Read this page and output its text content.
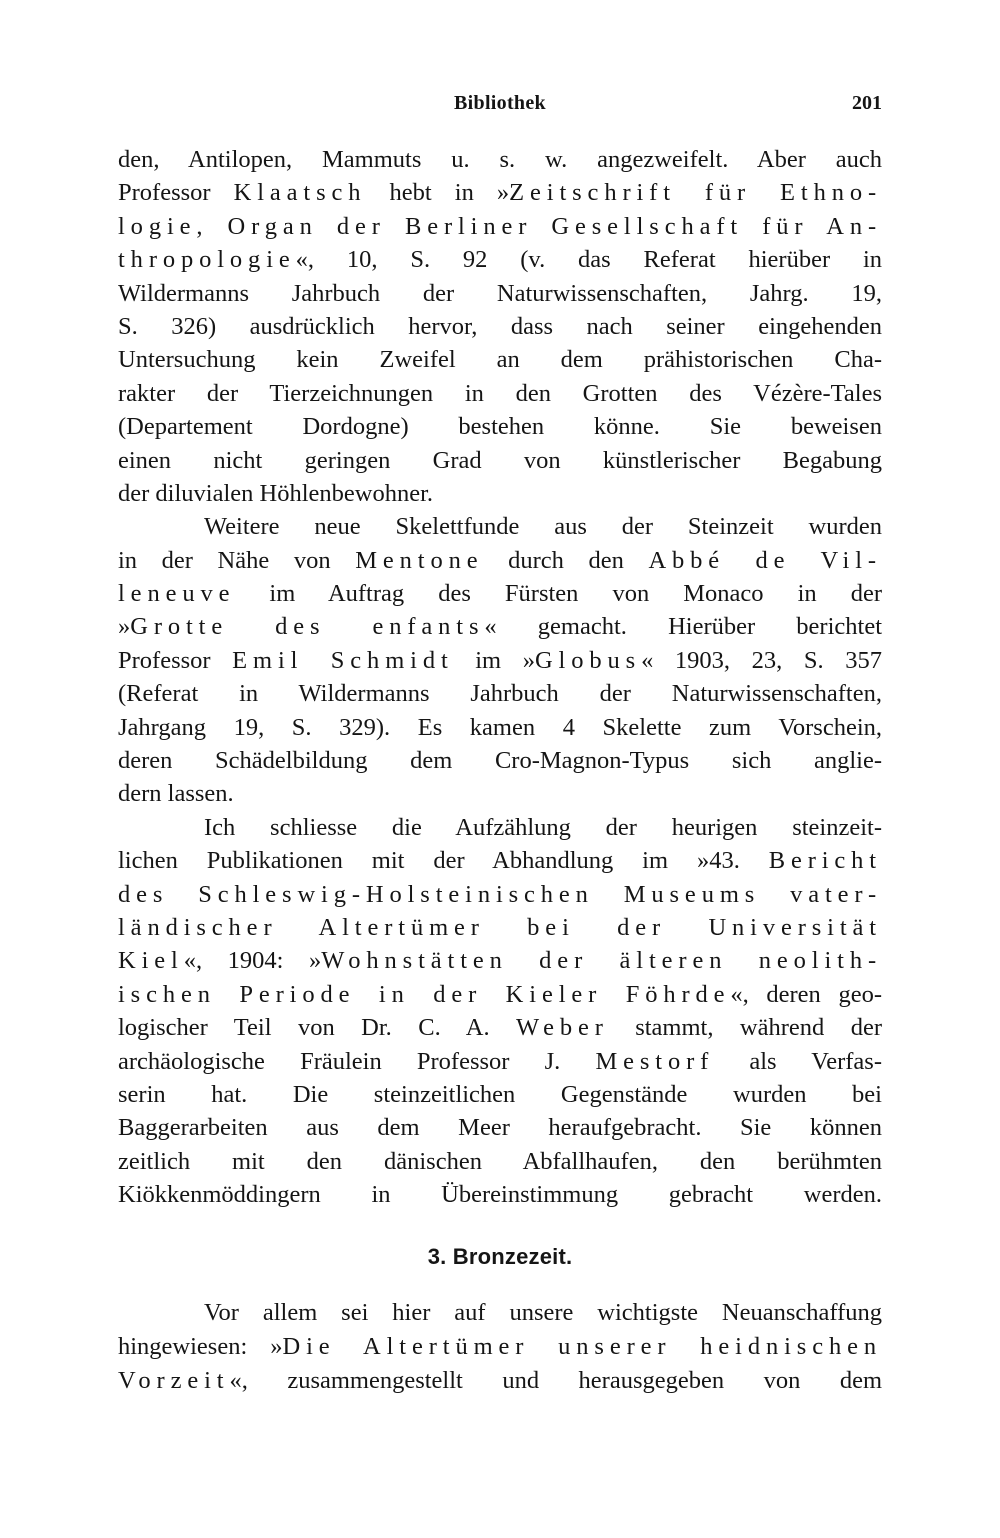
Bibliothek	201
den, Antilopen, Mammuts u. s. w. angezweifelt. Aber auch
Professor Klaatsch hebt in »Zeitschrift für Ethno-
logie, Organ der Berliner Gesellschaft für An-
thropologie«, 10, S. 92 (v. das Referat hierüber in
Wildermanns Jahrbuch der Naturwissenschaften, Jahrg. 19,
S. 326) ausdrücklich hervor, dass nach seiner eingehenden
Untersuchung kein Zweifel an dem prähistorischen Cha-
rakter der Tierzeichnungen in den Grotten des Vézère-Tales
(Departement Dordogne) bestehen könne. Sie beweisen
einen nicht geringen Grad von künstlerischer Begabung
der diluvialen Höhlenbewohner.
Weitere neue Skelettfunde aus der Steinzeit wurden
in der Nähe von Mentone durch den Abbé de Vil-
leneuve im Auftrag des Fürsten von Monaco in der
»Grotte des enfants« gemacht. Hierüber berichtet
Professor Emil Schmidt im »Globus« 1903, 23, S. 357
(Referat in Wildermanns Jahrbuch der Naturwissenschaften,
Jahrgang 19, S. 329). Es kamen 4 Skelette zum Vorschein,
deren Schädelbildung dem Cro-Magnon-Typus sich anglie-
dern lassen.
Ich schliesse die Aufzählung der heurigen steinzeit-
lichen Publikationen mit der Abhandlung im »43. Bericht
des Schleswig-Holsteinischen Museums vater-
ländischer Altertümer bei der Universität
Kiel«, 1904: »Wohnstätten der älteren neolith-
ischen Periode in der Kieler Föhrde«, deren geo-
logischer Teil von Dr. C. A. Weber stammt, während der
archäologische Fräulein Professor J. Mestorf als Verfas-
serin hat. Die steinzeitlichen Gegenstände wurden bei
Baggerarbeiten aus dem Meer heraufgebracht. Sie können
zeitlich mit den dänischen Abfallhaufen, den berühmten
Kiökkenmöddingern in Übereinstimmung gebracht werden.
3. Bronzezeit.
Vor allem sei hier auf unsere wichtigste Neuanschaffung
hingewiesen: »Die Altertümer unserer heidnischen
Vorzeit«, zusammengestellt und herausgegeben von dem
